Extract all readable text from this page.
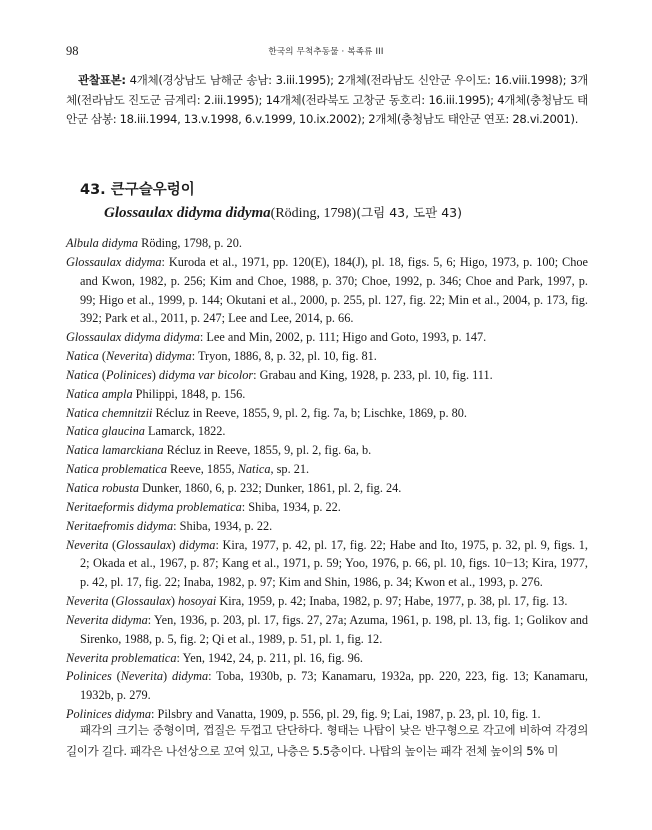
98	한국의 무척추동물 · 복족류 III
관찰표본: 4개체(경상남도 남해군 송남: 3.iii.1995); 2개체(전라남도 신안군 우이도: 16.viii.1998); 3개체(전라남도 진도군 금계리: 2.iii.1995); 14개체(전라북도 고창군 동호리: 16.iii.1995); 4개체(충청남도 태안군 삼봉: 18.iii.1994, 13.v.1998, 6.v.1999, 10.ix.2002); 2개체(충청남도 태안군 연포: 28.vi.2001).
43. 큰구슬우렁이
Glossaulax didyma didyma(Röding, 1798)(그림 43, 도판 43)
Albula didyma Röding, 1798, p. 20.
Glossaulax didyma: Kuroda et al., 1971, pp. 120(E), 184(J), pl. 18, figs. 5, 6; Higo, 1973, p. 100; Choe and Kwon, 1982, p. 256; Kim and Choe, 1988, p. 370; Choe, 1992, p. 346; Choe and Park, 1997, p. 99; Higo et al., 1999, p. 144; Okutani et al., 2000, p. 255, pl. 127, fig. 22; Min et al., 2004, p. 173, fig. 392; Park et al., 2011, p. 247; Lee and Lee, 2014, p. 66.
Glossaulax didyma didyma: Lee and Min, 2002, p. 111; Higo and Goto, 1993, p. 147.
Natica (Neverita) didyma: Tryon, 1886, 8, p. 32, pl. 10, fig. 81.
Natica (Polinices) didyma var bicolor: Grabau and King, 1928, p. 233, pl. 10, fig. 111.
Natica ampla Philippi, 1848, p. 156.
Natica chemnitzii Récluz in Reeve, 1855, 9, pl. 2, fig. 7a, b; Lischke, 1869, p. 80.
Natica glaucina Lamarck, 1822.
Natica lamarckiana Récluz in Reeve, 1855, 9, pl. 2, fig. 6a, b.
Natica problematica Reeve, 1855, Natica, sp. 21.
Natica robusta Dunker, 1860, 6, p. 232; Dunker, 1861, pl. 2, fig. 24.
Neritaeformis didyma problematica: Shiba, 1934, p. 22.
Neritaefromis didyma: Shiba, 1934, p. 22.
Neverita (Glossaulax) didyma: Kira, 1977, p. 42, pl. 17, fig. 22; Habe and Ito, 1975, p. 32, pl. 9, figs. 1, 2; Okada et al., 1967, p. 87; Kang et al., 1971, p. 59; Yoo, 1976, p. 66, pl. 10, figs. 10−13; Kira, 1977, p. 42, pl. 17, fig. 22; Inaba, 1982, p. 97; Kim and Shin, 1986, p. 34; Kwon et al., 1993, p. 276.
Neverita (Glossaulax) hosoyai Kira, 1959, p. 42; Inaba, 1982, p. 97; Habe, 1977, p. 38, pl. 17, fig. 13.
Neverita didyma: Yen, 1936, p. 203, pl. 17, figs. 27, 27a; Azuma, 1961, p. 198, pl. 13, fig. 1; Golikov and Sirenko, 1988, p. 5, fig. 2; Qi et al., 1989, p. 51, pl. 1, fig. 12.
Neverita problematica: Yen, 1942, 24, p. 211, pl. 16, fig. 96.
Polinices (Neverita) didyma: Toba, 1930b, p. 73; Kanamaru, 1932a, pp. 220, 223, fig. 13; Kanamaru, 1932b, p. 279.
Polinices didyma: Pilsbry and Vanatta, 1909, p. 556, pl. 29, fig. 9; Lai, 1987, p. 23, pl. 10, fig. 1.
패각의 크기는 중형이며, 껍질은 두껍고 단단하다. 형태는 나탑이 낮은 반구형으로 각고에 비하여 각경의 길이가 길다. 패각은 나선상으로 꼬여 있고, 나층은 5.5층이다. 나탑의 높이는 패각 전체 높이의 5% 미
